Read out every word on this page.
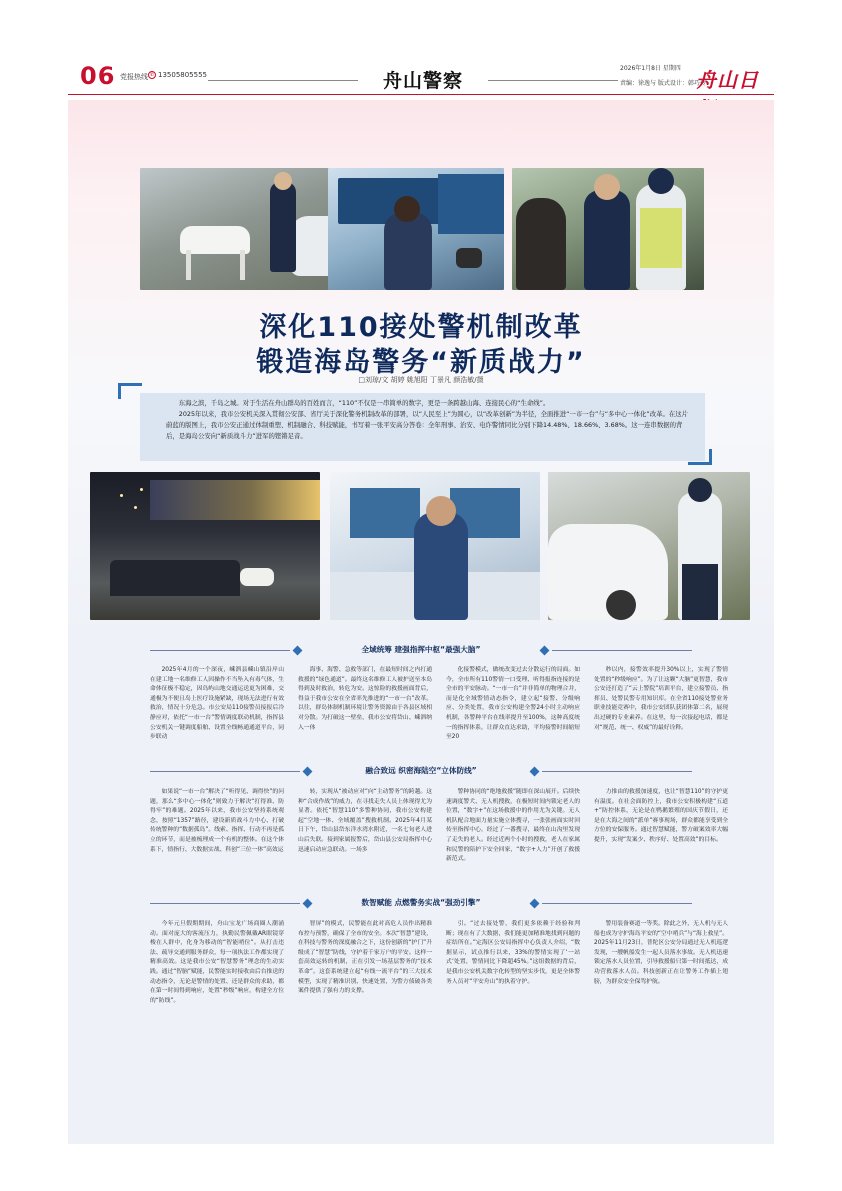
06 党报热线 ✆ 13505805555	舟山警察
2026年1月8日 星期四
责编：徐逸与 版式设计：韩巧玲
舟山日
深化110接处警机制改革
锻造海岛警务“新质战力”
□刘琼/文 胡婷 姚旭阳 丁景凡 颜浩敏/摄

东海之滨，千岛之城。对于生活在舟山群岛的百姓而言，“110”不仅是一串简单的数字，更是一条跨越山海、连接民心的“生命线”。

2025年以来，我市公安机关深入贯彻公安部、省厅关于深化警务机制改革的部署，以“人民至上”为圆心，以“改革创新”为半径，全面推进“一市一台”与“多中心一体化”改革。在这片蔚蓝的版图上，我市公安正通过体制重塑、机制融合、科技赋能，书写着一张平安高分答卷：全年刑事、治安、电诈警情同比分别下降14.48%、18.66%、3.68%。这一连串数据的背后，是海岛公安向“新质战斗力”进军的铿锵足音。

全域统筹 建强指挥中枢“最强大脑”

2025年4月的一个深夜，嵊泗县嵊山镇沿岸山在建工地一名维修工人因操作不当坠入有毒气体，生命体征极不稳定，因岛屿山地交通运送更为困难，交通极为不便且岛上医疗设施紧缺，现场无法进行有效救治，情况十分危急。市公安局110接警员接报后冷静应对，依托“一市一台”警情调度联动机制，指挥县公安机关一键调度船舶、设置全线畅通通道平台，同步联动

海事、海警、急救等部门，在最短时间之内打通救援的“绿色通道”。最终这名维修工人被护送至本岛得到及时救治，转危为安。这惊险的救援画面背后，得益于我市公安在全省率先推进的“一市一台”改革。以往，群岛体制机制环境让警务资源由于各县区域相对分散。为打破这一壁垒，我市公安将岱山、嵊泗纳入一体

化接警模式，做统改变过去分散运行的局面。如今，全市所有110警情一口受理、听得报指连接的是全市的平安脉动。“一市一台”并非简单的物理合并，而是化全域警情动态指令，建立起“接警、分级响应、分类处置，我市公安构建全警24小时主动响应机制，各警种平台在线率提升至100%，这种高度统一的指挥体系，让群众直达求助，平均接警时间缩短至20

秒以内，接警效率提升30%以上，实现了警情处置的“秒级响应”。为了让这颗“大脑”更智慧，我市公安还打造了“云上警院”培训平台，建立接警员、指挥员、处警民警专用知识库。在全省110接处警业务职业技能竞赛中，我市公安团队获团体第二名，展现出过硬的专业素养。在这里，每一次接起电话，都是对“规范、统一、权威”的最好诠释。

融合致远 织密海陆空“立体防线”

如果说“一市一台”解决了“听得见、调得快”的问题，那么“多中心一体化”则致力于解决“打得准、防得牢”的难题。2025年以来，我市公安坚持系统观念，按照“1357”路径，建设新质战斗力中心、打破传统警种的“数据孤岛”。线索、指挥、行动不再是孤立的环节，而是被梳理成一个有机的整体。在这个体系下，情指行、大数据实战、科创“三位一体”高效运

转，实现从“被动应对”向“主动警务”的跨越。这种“合成作战”的威力，在寻找走失人员上体现得尤为显著。依托“智慧110”多警种协同，我市公安构建起“空地一体、全域覆盖”搜救机制。2025年4月某日下午，岱山县岱东洋水湾水附近，一名七旬老人进山后失联。接到家属报警后，岱山县公安局指挥中心迅速启动应急联动。一场多

警种协同的“绝地救援”随即在深山展开。后续快速调度警犬、无人机搜救，在极短时间内锁定老人的位置，“数字+”在这场救援中的作用尤为关键。无人机队配合地面力量实施立体搜寻，一张张画面实时回传至指挥中心，经过了一番搜寻，最终在山沟里发现了走失的老人。经过近两个小时的搜救，老人在家属和民警的陪护下安全回家，“数字+人力”开创了救援新范式。

力推由的救援加速度，也让“智慧110”的守护更有温度。在社会面防控上，我市公安积极构建“五道+”防控体系，无论是在鸭鹅繁殖的国庆节假日，还是在大海之间的“派单”赛事现场，群众都能享受到全方位的安保服务。通过智慧赋能，警方破案效率大幅提升，实现“发案少、秩序好、处置高效”的目标。

数智赋能 点燃警务实战“强劲引擎”

今年元旦假期期间，舟山宝龙广场商圈人潮涌动。面对庞大的客流压力，执勤民警佩戴AR眼镜穿梭在人群中，化身为移动的“智能哨位”。从打击违法、疏导交通到服务群众，每一项执法工作都实现了精准高效。这是我市公安“智慧警务”理念的生动实践。通过“智脑”赋能，民警能实时接收由后台推送的动态指令，无论是警情的处置、还是群众的求助，都在第一时间得到响应，处置“秒级”响应，构建全方位的“防线”。

智屏”的模式，民警能在此对高危人员作出精准布控与预警，确保了全市的安全。本次“智慧”建设，在科技与警务的深度融合之下，这份创新的“护门”升级成了“智慧”防线，守护着千家万户的平安。这样一套高效运转的机制，正在引发一场基层警务的“技术革命”。这套系统建立起“有线一流平台”的三大技术模型，实现了精准识别、快速处置，为警方侦破各类案件提供了强有力的支撑。

引。“过去接处警，我们更多依赖于经验和判断；现在有了大数据，我们能更加精准地找到问题的症结所在。”定海区公安局指挥中心负责人介绍，“数据显示，试点推行以来，33%的警情实现了‘一站式’处置，警情同比下降超45%。”这组数据的背后，是我市公安机关数字化转型的坚实步伐，更是全体警务人员对“平安舟山”的执着守护。

警用装备赛道一等奖。除此之外，无人机与无人船也成为守护海岛平安的“空中哨兵”与“海上救星”。2025年11月23日，普陀区公安分局通过无人机巡逻发现，一艘帆船发生一起人员落水事故。无人机迅速锁定落水人员位置，引导救援船只第一时间抵达，成功营救落水人员。科技创新正在让警务工作插上翅膀，为群众安全保驾护航。
